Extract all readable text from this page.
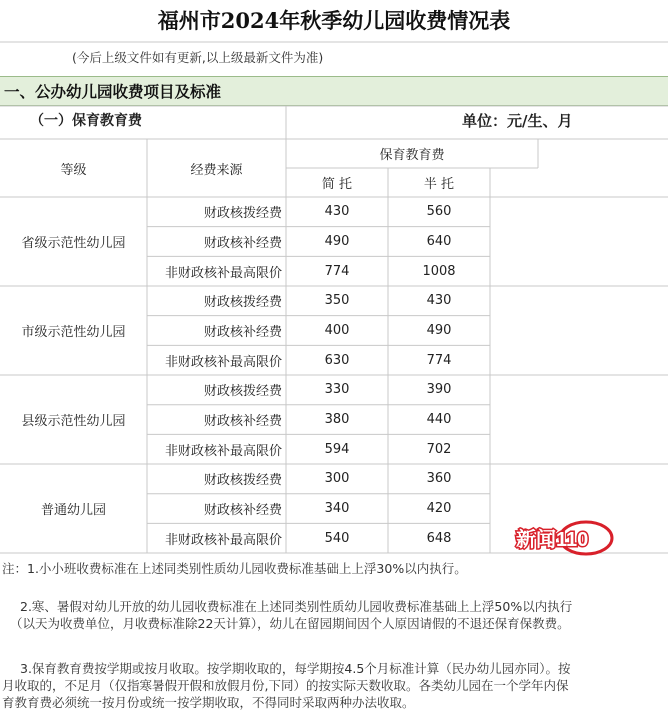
福州市2024年秋季幼儿园收费情况表
(今后上级文件如有更新,以上级最新文件为准)
一、公办幼儿园收费项目及标准
（一）保育教育费	单位：元/生、月
等级	经费来源
保育教育费
简 托	半 托
省级示范性幼儿园
财政核拨经费	430	560
财政核补经费	490	640
非财政核补最高限价	774	1008
市级示范性幼儿园
财政核拨经费	350	430
财政核补经费	400	490
非财政核补最高限价	630	774
县级示范性幼儿园
财政核拨经费	330	390
财政核补经费	380	440
非财政核补最高限价	594	702
普通幼儿园
财政核拨经费	300	360
财政核补经费	340	420
非财政核补最高限价	540	648
注：1.小小班收费标准在上述同类别性质幼儿园收费标准基础上上浮30%以内执行。
2.寒、暑假对幼儿开放的幼儿园收费标准在上述同类别性质幼儿园收费标准基础上上浮50%以内执行
（以天为收费单位，月收费标准除22天计算），幼儿在留园期间因个人原因请假的不退还保育保教费。
3.保育教育费按学期或按月收取。按学期收取的，每学期按4.5个月标准计算（民办幼儿园亦同）。按
月收取的，不足月（仅指寒暑假开假和放假月份,下同）的按实际天数收取。各类幼儿园在一个学年内保
育教育费必须统一按月份或统一按学期收取，不得同时采取两种办法收取。
新闻110
